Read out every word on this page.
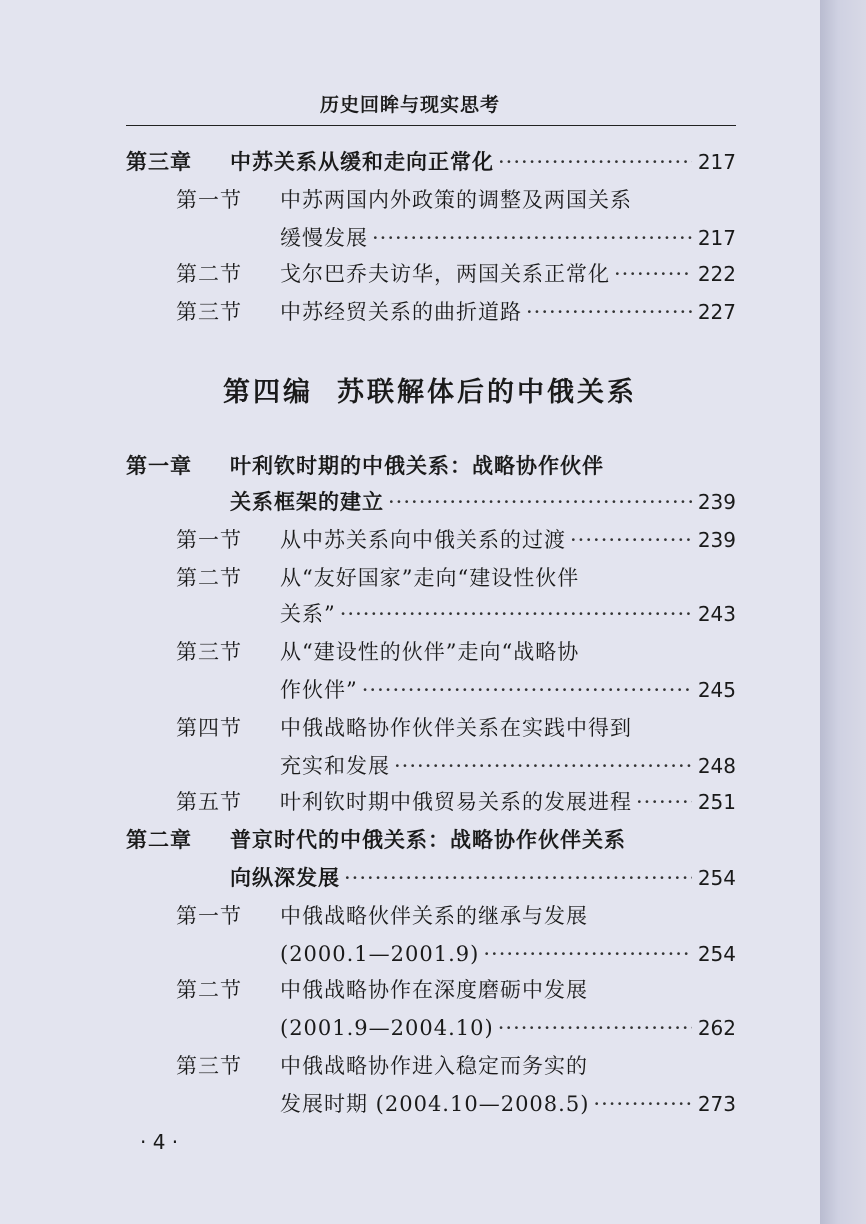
历史回眸与现实思考
第三章 中苏关系从缓和走向正常化 ·····	217
第一节 中苏两国内外政策的调整及两国关系
缓慢发展 ·····	217
第二节 戈尔巴乔夫访华，两国关系正常化 ·····	222
第三节 中苏经贸关系的曲折道路 ·····	227
第四编 苏联解体后的中俄关系
第一章 叶利钦时期的中俄关系：战略协作伙伴
关系框架的建立 ·····	239
第一节 从中苏关系向中俄关系的过渡 ·····	239
第二节 从“友好国家”走向“建设性伙伴
关系” ·····	243
第三节 从“建设性的伙伴”走向“战略协
作伙伴” ·····	245
第四节 中俄战略协作伙伴关系在实践中得到
充实和发展 ·····	248
第五节 叶利钦时期中俄贸易关系的发展进程 ·····	251
第二章 普京时代的中俄关系：战略协作伙伴关系
向纵深发展 ·····	254
第一节 中俄战略伙伴关系的继承与发展
(2000.1—2001.9) ·····	254
第二节 中俄战略协作在深度磨砺中发展
(2001.9—2004.10) ·····	262
第三节 中俄战略协作进入稳定而务实的
发展时期 (2004.10—2008.5) ·····	273
· 4 ·
